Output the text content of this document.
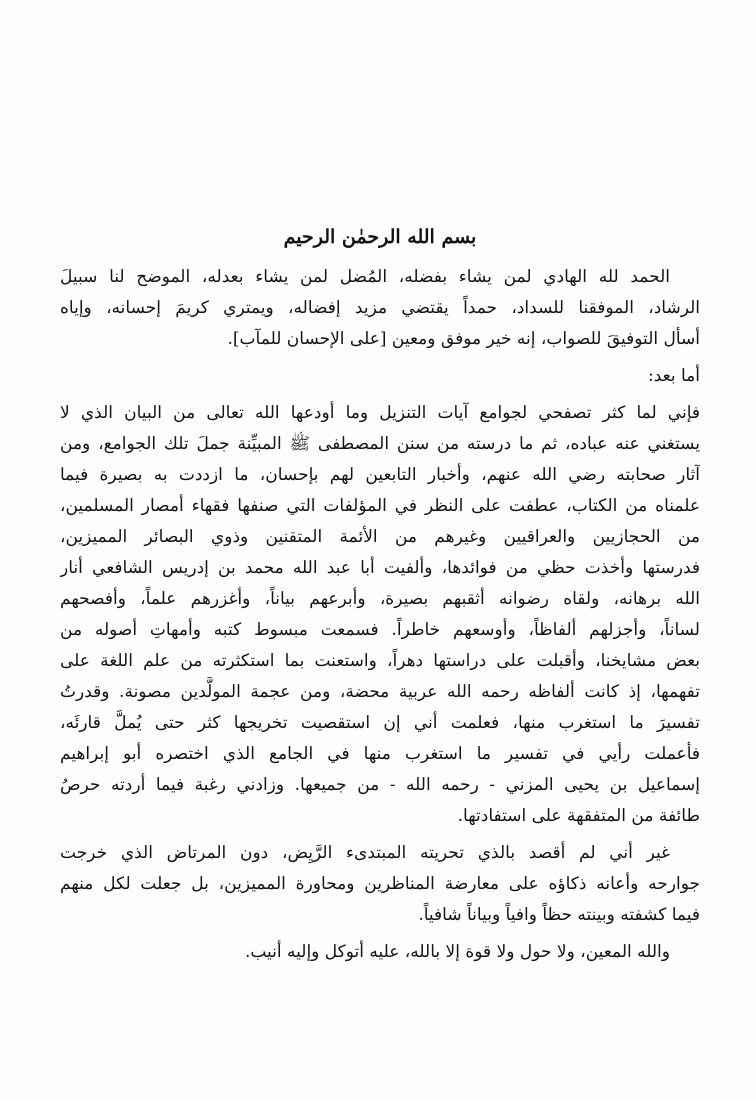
بسم الله الرحمٰن الرحيم
الحمد لله الهادي لمن يشاء بفضله، المُضل لمن يشاء بعدله، الموضح لنا سبيلَ
الرشاد، الموفقنا للسداد، حمداً يقتضي مزيد إفضاله، ويمتري كريمَ إحسانه، وإياه
أسأل التوفيقَ للصواب، إنه خير موفق ومعين [على الإحسان للمآب].
أما بعد:
فإني لما كثر تصفحي لجوامع آيات التنزيل وما أودعها الله تعالى من البيان الذي لا
يستغني عنه عباده، ثم ما درسته من سنن المصطفى ﷺ المبيِّنة جملَ تلك الجوامع، ومن
آثار صحابته رضي الله عنهم، وأخبار التابعين لهم بإحسان، ما ازددت به بصيرة فيما
علمناه من الكتاب، عطفت على النظر في المؤلفات التي صنفها فقهاء أمصار المسلمين،
من الحجازيين والعراقيين وغيرهم من الأئمة المتقنين وذوي البصائر المميزين،
فدرستها وأخذت حظي من فوائدها، وألفيت أبا عبد الله محمد بن إدريس الشافعي أنار
الله برهانه، ولقاه رضوانه أثقبهم بصيرة، وأبرعهم بياناً، وأغزرهم علماً، وأفصحهم
لساناً، وأجزلهم ألفاظاً، وأوسعهم خاطراً. فسمعت مبسوط كتبه وأمهاتِ أصوله من
بعض مشايخنا، وأقبلت على دراستها دهراً، واستعنت بما استكثرته من علم اللغة على
تفهمها، إذ كانت ألفاظه رحمه الله عربية محضة، ومن عجمة المولَّدين مصونة. وقدرتُ
تفسيرَ ما استغرب منها، فعلمت أني إن استقصيت تخريجها كثر حتى يُملَّ قارئَه،
فأعملت رأيي في تفسير ما استغرب منها في الجامع الذي اختصره أبو إبراهيم
إسماعيل بن يحيى المزني - رحمه الله - من جميعها. وزادني رغبة فيما أردته حرصُ
طائفة من المتفقهة على استفادتها.
غير أني لم أقصد بالذي تحريته المبتدىء الرَّيِض، دون المرتاض الذي خرجت
جوارحه وأعانه ذكاؤه على معارضة المناظرين ومحاورة المميزين، بل جعلت لكل منهم
فيما كشفته وبينته حظاً وافياً وبياناً شافياً.
والله المعين، ولا حول ولا قوة إلا بالله، عليه أتوكل وإليه أنيب.
